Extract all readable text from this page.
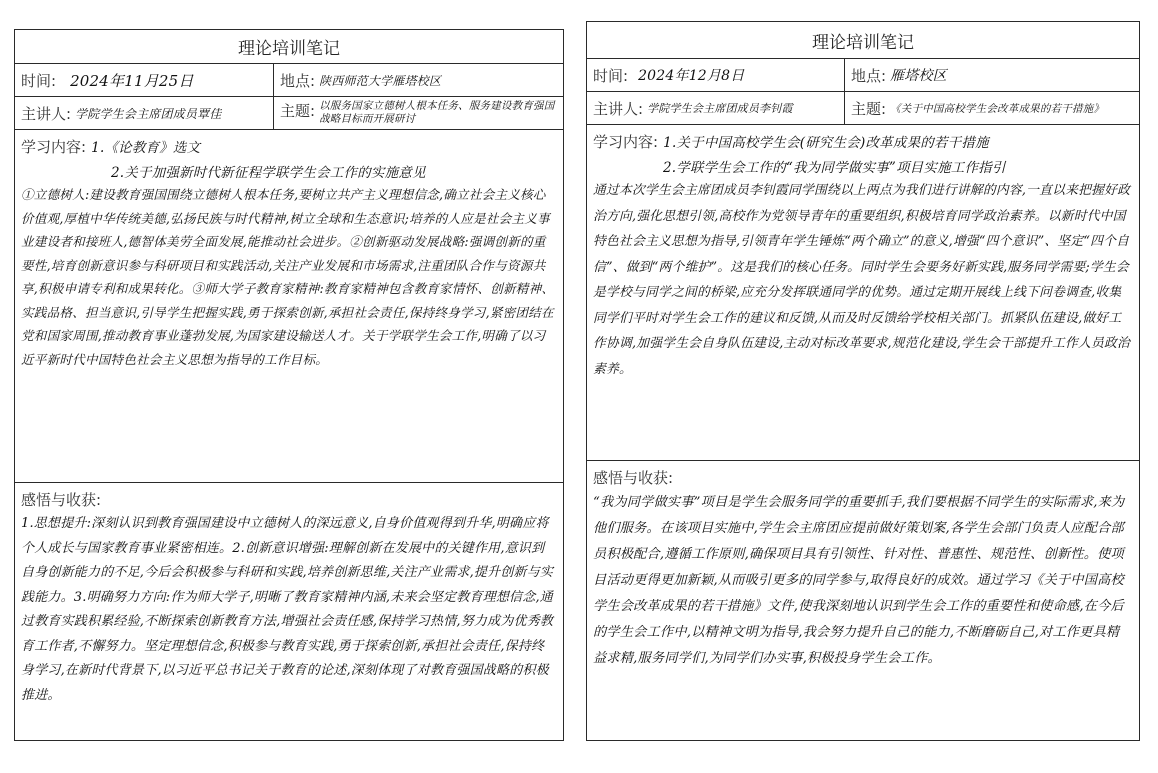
理论培训笔记
时间: 2024年11月25日	地点: 陕西师范大学雁塔校区
主讲人: 学院学生会主席团成员覃佳	主题: 以服务国家立德树人根本任务、服务建设教育强国战略目标而开展研讨
学习内容: 1.《论教育》选文
2.关于加强新时代新征程学联学生会工作的实施意见

①立德树人:建设教育强国围绕立德树人根本任务,要树立共产主义理想信念,确立社会主义核心价值观,厚植中华传统美德,弘扬民族与时代精神,树立全球和生态意识;培养的人应是社会主义事业建设者和接班人,德智体美劳全面发展,能推动社会进步。②创新驱动发展战略:强调创新的重要性,培育创新意识参与科研项目和实践活动,关注产业发展和市场需求,注重团队合作与资源共享,积极申请专利和成果转化。③师大学子教育家精神:教育家精神包含教育家情怀、创新精神、实践品格、担当意识,引导学生把握实践,勇于探索创新,承担社会责任,保持终身学习,紧密团结在党和国家周围,推动教育事业蓬勃发展,为国家建设输送人才。关于学联学生会工作,明确了以习近平新时代中国特色社会主义思想为指导的工作目标。

感悟与收获:

1.思想提升:深刻认识到教育强国建设中立德树人的深远意义,自身价值观得到升华,明确应将个人成长与国家教育事业紧密相连。2.创新意识增强:理解创新在发展中的关键作用,意识到自身创新能力的不足,今后会积极参与科研和实践,培养创新思维,关注产业需求,提升创新与实践能力。3.明确努力方向:作为师大学子,明晰了教育家精神内涵,未来会坚定教育理想信念,通过教育实践积累经验,不断探索创新教育方法,增强社会责任感,保持学习热情,努力成为优秀教育工作者,不懈努力。坚定理想信念,积极参与教育实践,勇于探索创新,承担社会责任,保持终身学习,在新时代背景下,以习近平总书记关于教育的论述,深刻体现了对教育强国战略的积极推进。

理论培训笔记
时间: 2024年12月8日	地点: 雁塔校区
主讲人: 学院学生会主席团成员李钊霞	主题: 《关于中国高校学生会改革成果的若干措施》
学习内容: 1.关于中国高校学生会(研究生会)改革成果的若干措施
2.学联学生会工作的“我为同学做实事”项目实施工作指引

通过本次学生会主席团成员李钊霞同学围绕以上两点为我们进行讲解的内容,一直以来把握好政治方向,强化思想引领,高校作为党领导青年的重要组织,积极培育同学政治素养。以新时代中国特色社会主义思想为指导,引领青年学生锤炼“两个确立”的意义,增强“四个意识”、坚定“四个自信”、做到“两个维护”。这是我们的核心任务。同时学生会要务好新实践,服务同学需要;学生会是学校与同学之间的桥梁,应充分发挥联通同学的优势。通过定期开展线上线下问卷调查,收集同学们平时对学生会工作的建议和反馈,从而及时反馈给学校相关部门。抓紧队伍建设,做好工作协调,加强学生会自身队伍建设,主动对标改革要求,规范化建设,学生会干部提升工作人员政治素养。

感悟与收获:

“我为同学做实事”项目是学生会服务同学的重要抓手,我们要根据不同学生的实际需求,来为他们服务。在该项目实施中,学生会主席团应提前做好策划案,各学生会部门负责人应配合部员积极配合,遵循工作原则,确保项目具有引领性、针对性、普惠性、规范性、创新性。使项目活动更得更加新颖,从而吸引更多的同学参与,取得良好的成效。通过学习《关于中国高校学生会改革成果的若干措施》文件,使我深刻地认识到学生会工作的重要性和使命感,在今后的学生会工作中,以精神文明为指导,我会努力提升自己的能力,不断磨砺自己,对工作更具精益求精,服务同学们,为同学们办实事,积极投身学生会工作。
